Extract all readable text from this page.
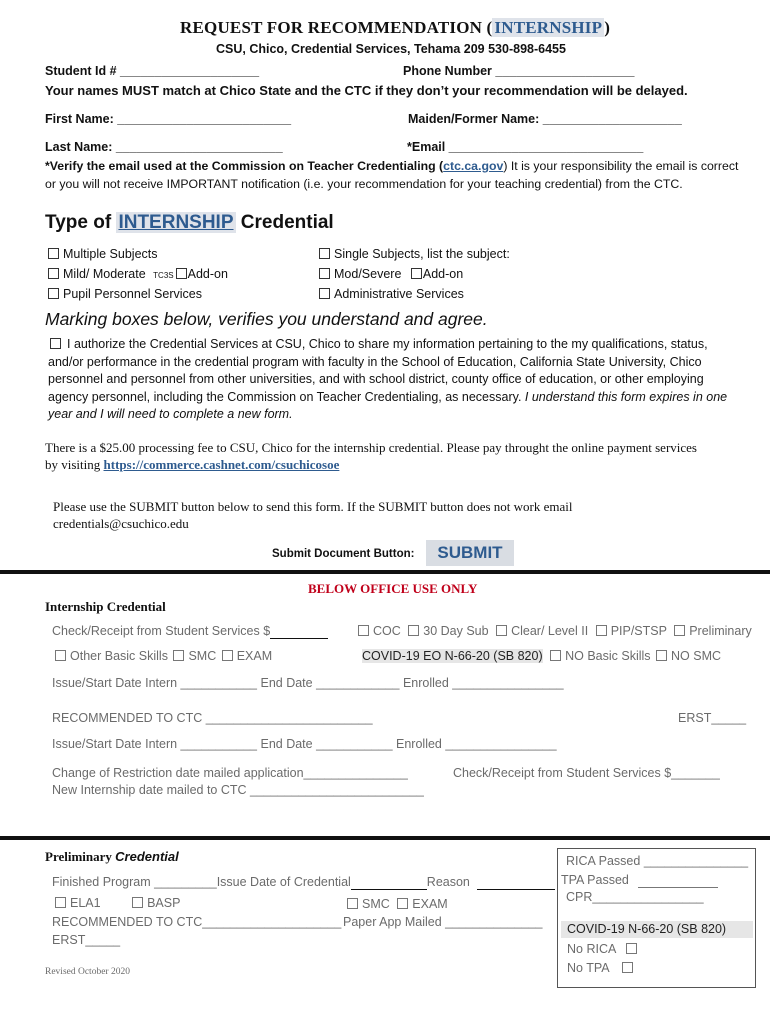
REQUEST FOR RECOMMENDATION ( INTERNSHIP )
CSU, Chico, Credential Services, Tehama 209 530-898-6455
Student Id # ____________________	Phone Number ____________________
Your names MUST match at Chico State and the CTC if they don’t your recommendation will be delayed.
First Name: _________________________	Maiden/Former Name: ____________________
Last Name: ________________________	*Email ____________________________
*Verify the email used at the Commission on Teacher Credentialing (ctc.ca.gov) It is your responsibility the email is correct
or you will not receive IMPORTANT notification (i.e. your recommendation for your teaching credential) from the CTC.
Type of INTERNSHIP Credential
Multiple Subjects
Mild/ Moderate TC3S Add-on
Pupil Personnel Services
Single Subjects, list the subject:
Mod/Severe Add-on
Administrative Services
Marking boxes below, verifies you understand and agree.
I authorize the Credential Services at CSU, Chico to share my information pertaining to the my qualifications, status, and/or performance in the credential program with faculty in the School of Education, California State University, Chico personnel and personnel from other universities, and with school district, county office of education, or other employing agency personnel, including the Commission on Teacher Credentialing, as necessary. I understand this form expires in one year and I will need to complete a new form.
There is a $25.00 processing fee to CSU, Chico for the internship credential. Please pay throught the online payment services
by visiting https://commerce.cashnet.com/csuchicosoe
Please use the SUBMIT button below to send this form. If the SUBMIT button does not work email
credentials@csuchico.edu
Submit Document Button:	SUBMIT
BELOW OFFICE USE ONLY
Internship Credential
Check/Receipt from Student Services $	COC 30 Day Sub Clear/ Level II PIP/STSP Preliminary
Other Basic Skills SMC EXAM	COVID-19 EO N-66-20 (SB 820) NO Basic Skills NO SMC
Issue/Start Date Intern ___________ End Date ____________ Enrolled ________________
RECOMMENDED TO CTC ________________________	ERST_____
Issue/Start Date Intern ___________ End Date ___________ Enrolled ________________
Change of Restriction date mailed application_______________
New Internship date mailed to CTC _________________________
Check/Receipt from Student Services $_______
Preliminary Credential
Finished Program _________Issue Date of Credential	Reason
ELA1	BASP	SMC EXAM
RECOMMENDED TO CTC____________________ Paper App Mailed ______________
ERST_____
Revised October 2020
RICA Passed _______________
TPA Passed
CPR________________
COVID-19 N-66-20 (SB 820)
No RICA
No TPA
